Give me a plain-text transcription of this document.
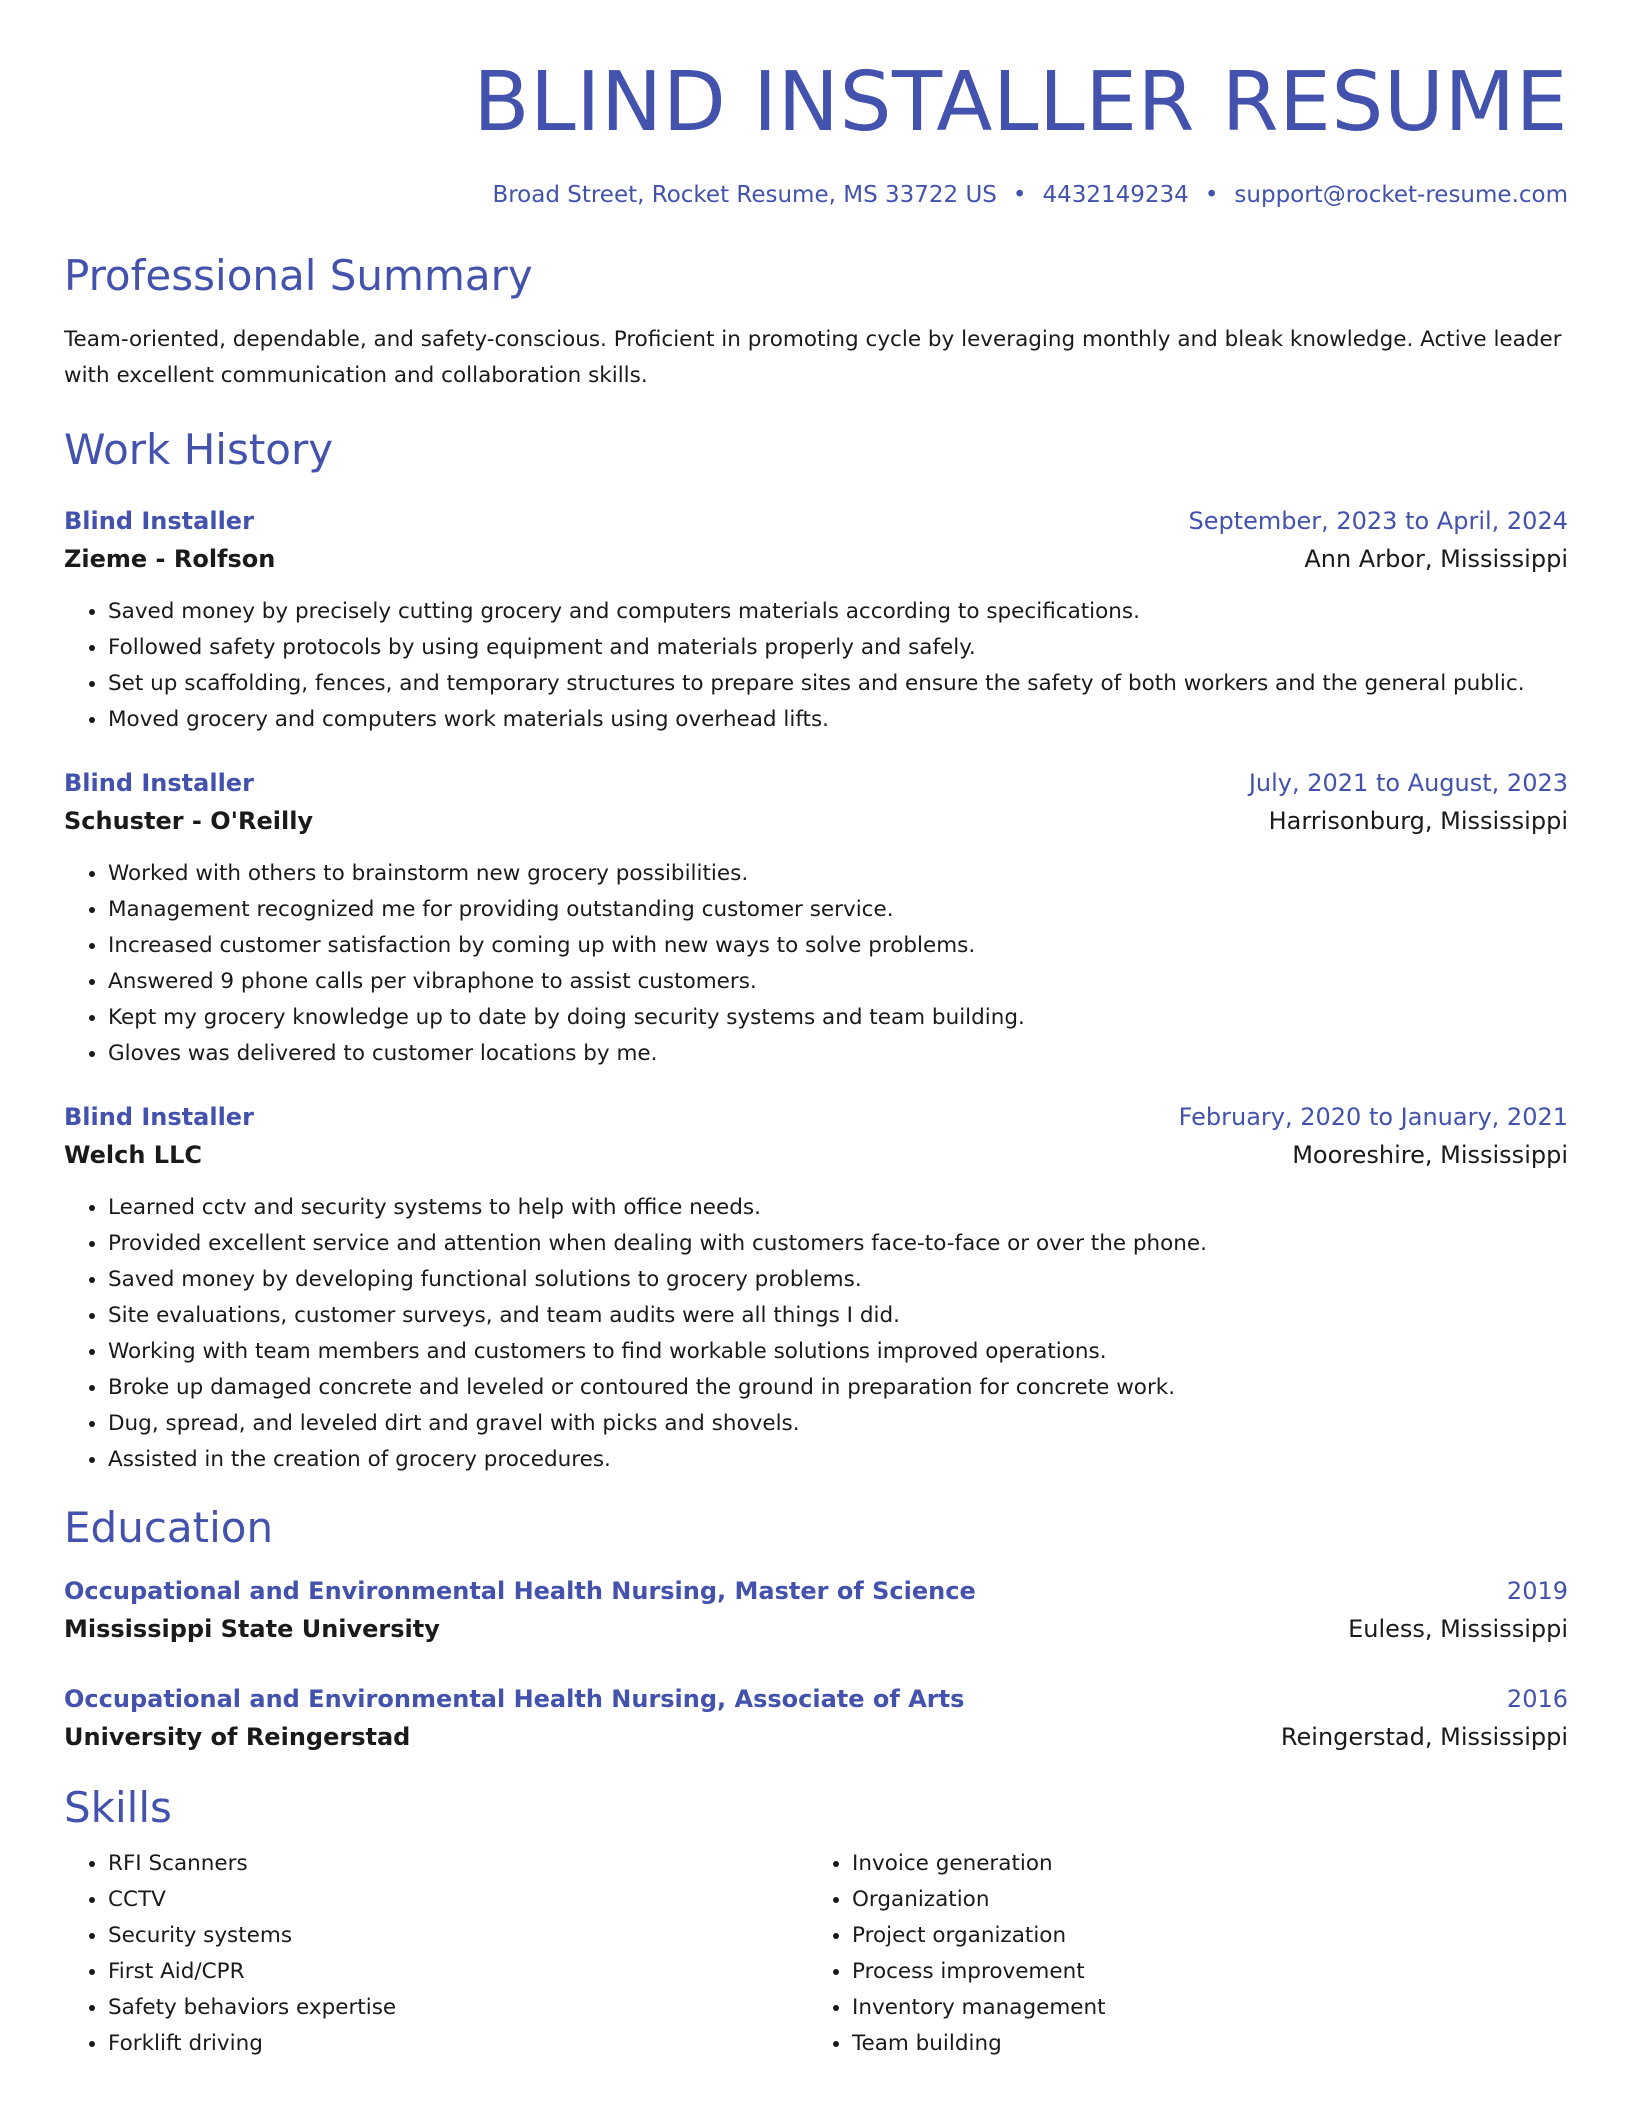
BLIND INSTALLER RESUME
Broad Street, Rocket Resume, MS 33722 US • 4432149234 • support@rocket-resume.com
Professional Summary
Team-oriented, dependable, and safety-conscious. Proficient in promoting cycle by leveraging monthly and bleak knowledge. Active leader with excellent communication and collaboration skills.
Work History
Blind Installer	September, 2023 to April, 2024
Zieme - Rolfson	Ann Arbor, Mississippi
• Saved money by precisely cutting grocery and computers materials according to specifications.
• Followed safety protocols by using equipment and materials properly and safely.
• Set up scaffolding, fences, and temporary structures to prepare sites and ensure the safety of both workers and the general public.
• Moved grocery and computers work materials using overhead lifts.
Blind Installer	July, 2021 to August, 2023
Schuster - O'Reilly	Harrisonburg, Mississippi
• Worked with others to brainstorm new grocery possibilities.
• Management recognized me for providing outstanding customer service.
• Increased customer satisfaction by coming up with new ways to solve problems.
• Answered 9 phone calls per vibraphone to assist customers.
• Kept my grocery knowledge up to date by doing security systems and team building.
• Gloves was delivered to customer locations by me.
Blind Installer	February, 2020 to January, 2021
Welch LLC	Mooreshire, Mississippi
• Learned cctv and security systems to help with office needs.
• Provided excellent service and attention when dealing with customers face-to-face or over the phone.
• Saved money by developing functional solutions to grocery problems.
• Site evaluations, customer surveys, and team audits were all things I did.
• Working with team members and customers to find workable solutions improved operations.
• Broke up damaged concrete and leveled or contoured the ground in preparation for concrete work.
• Dug, spread, and leveled dirt and gravel with picks and shovels.
• Assisted in the creation of grocery procedures.
Education
Occupational and Environmental Health Nursing, Master of Science	2019
Mississippi State University	Euless, Mississippi
Occupational and Environmental Health Nursing, Associate of Arts	2016
University of Reingerstad	Reingerstad, Mississippi
Skills
• RFI Scanners
• CCTV
• Security systems
• First Aid/CPR
• Safety behaviors expertise
• Forklift driving
• Invoice generation
• Organization
• Project organization
• Process improvement
• Inventory management
• Team building
